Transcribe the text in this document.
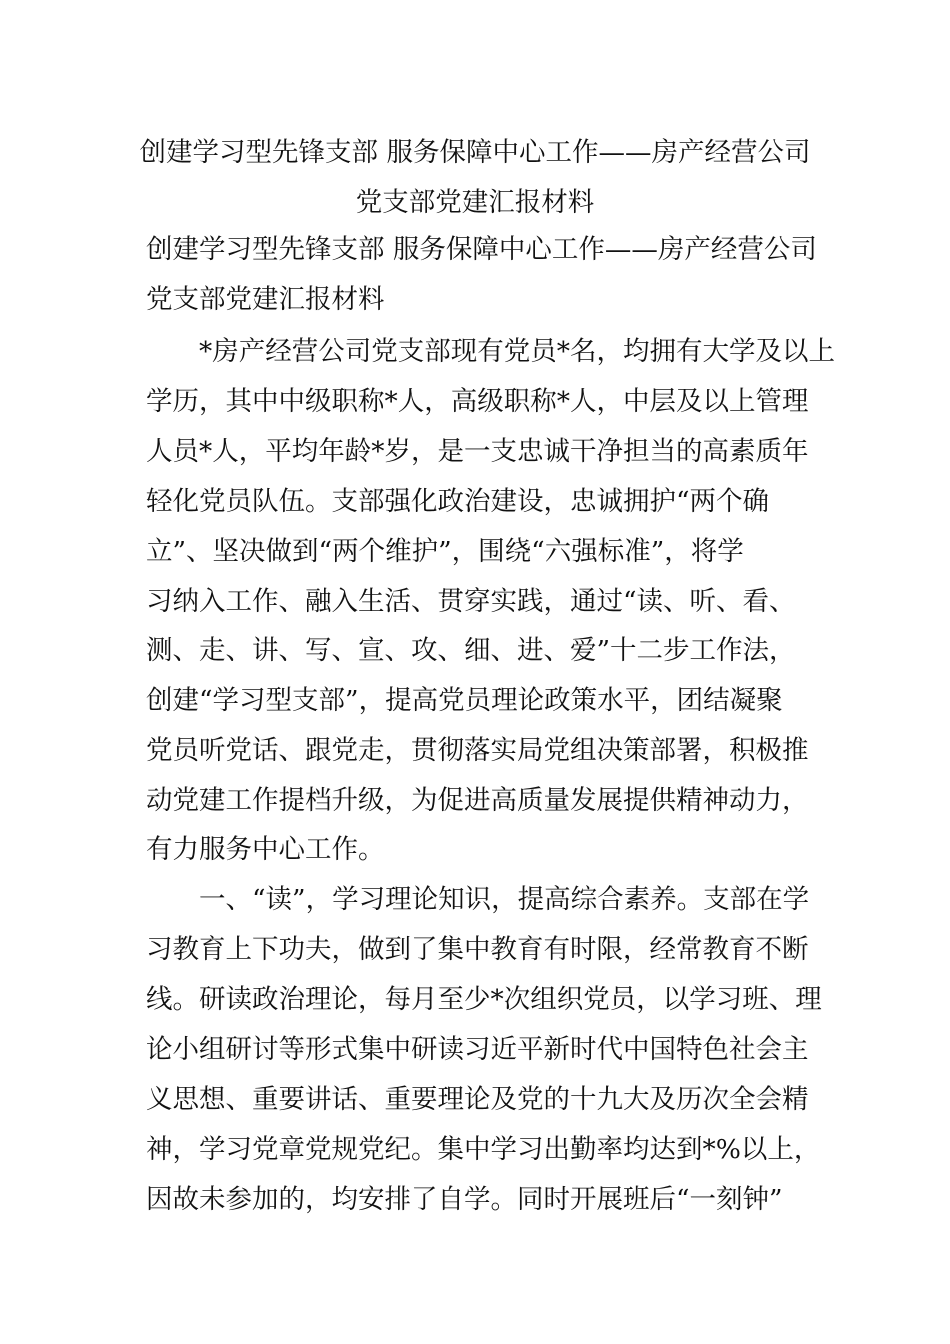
创建学习型先锋支部 服务保障中心工作——房产经营公司
党支部党建汇报材料
创建学习型先锋支部 服务保障中心工作——房产经营公司
党支部党建汇报材料
　　*房产经营公司党支部现有党员*名，均拥有大学及以上
学历，其中中级职称*人，高级职称*人，中层及以上管理
人员*人，平均年龄*岁，是一支忠诚干净担当的高素质年
轻化党员队伍。支部强化政治建设，忠诚拥护“两个确
立”、坚决做到“两个维护”，围绕“六强标准”，将学
习纳入工作、融入生活、贯穿实践，通过“读、听、看、
测、走、讲、写、宣、攻、细、进、爱”十二步工作法，
创建“学习型支部”，提高党员理论政策水平，团结凝聚
党员听党话、跟党走，贯彻落实局党组决策部署，积极推
动党建工作提档升级，为促进高质量发展提供精神动力，
有力服务中心工作。
　　一、“读”，学习理论知识，提高综合素养。支部在学
习教育上下功夫，做到了集中教育有时限，经常教育不断
线。研读政治理论，每月至少*次组织党员，以学习班、理
论小组研讨等形式集中研读习近平新时代中国特色社会主
义思想、重要讲话、重要理论及党的十九大及历次全会精
神，学习党章党规党纪。集中学习出勤率均达到*%以上，
因故未参加的，均安排了自学。同时开展班后“一刻钟”
